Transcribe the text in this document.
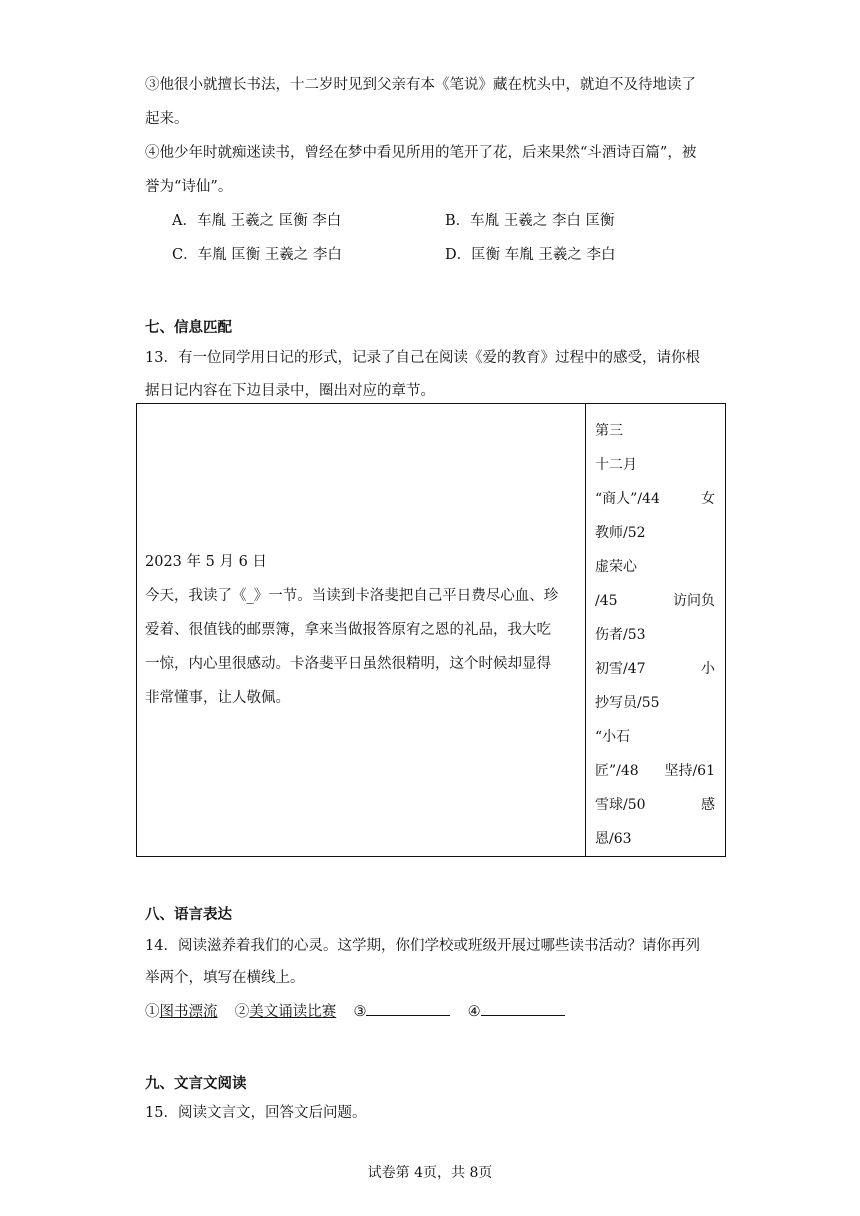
③他很小就擅长书法，十二岁时见到父亲有本《笔说》藏在枕头中，就迫不及待地读了
起来。
④他少年时就痴迷读书，曾经在梦中看见所用的笔开了花，后来果然“斗酒诗百篇”，被
誉为“诗仙”。
A．车胤 王羲之 匡衡 李白	B．车胤 王羲之 李白 匡衡
C．车胤 匡衡 王羲之 李白	D．匡衡 车胤 王羲之 李白
七、信息匹配
13．有一位同学用日记的形式，记录了自己在阅读《爱的教育》过程中的感受，请你根
据日记内容在下边目录中，圈出对应的章节。
2023 年 5 月 6 日
今天，我读了《_》一节。当读到卡洛斐把自己平日费尽心血、珍
爱着、很值钱的邮票簿，拿来当做报答原宥之恩的礼品，我大吃
一惊，内心里很感动。卡洛斐平日虽然很精明，这个时候却显得
非常懂事，让人敬佩。

第三
十二月
“商人”/44	女
教师/52
虚荣心
/45	访问负
伤者/53
初雪/47	小
抄写员/55
“小石
匠”/48 坚持/61
雪球/50	感
恩/63
八、语言表达
14．阅读滋养着我们的心灵。这学期，你们学校或班级开展过哪些读书活动？请你再列
举两个，填写在横线上。
①图书漂流 ②美文诵读比赛 ③	④
九、文言文阅读
15．阅读文言文，回答文后问题。
试卷第 4页，共 8页
